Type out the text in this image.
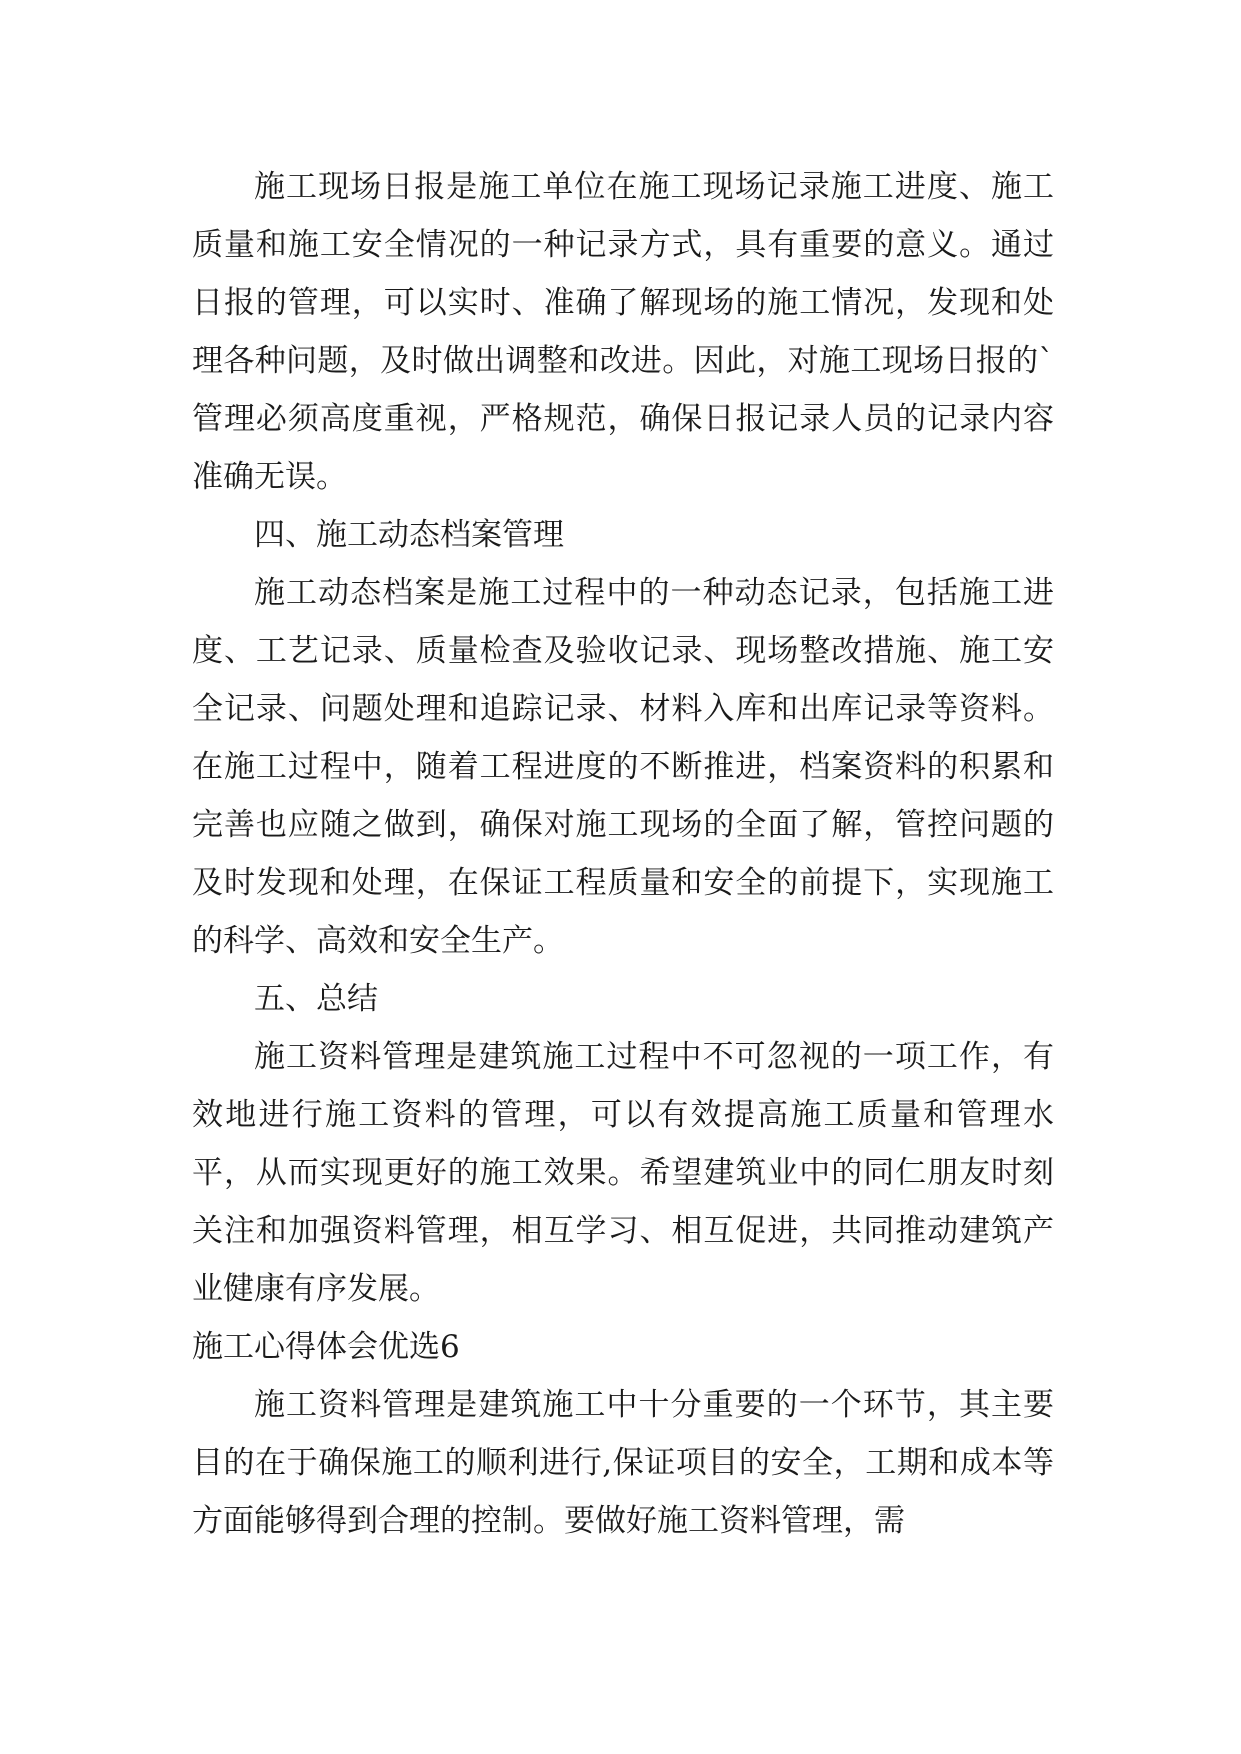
施工现场日报是施工单位在施工现场记录施工进度、施工质量和施工安全情况的一种记录方式，具有重要的意义。通过日报的管理，可以实时、准确了解现场的施工情况，发现和处理各种问题，及时做出调整和改进。因此，对施工现场日报的`管理必须高度重视，严格规范，确保日报记录人员的记录内容准确无误。

四、施工动态档案管理

施工动态档案是施工过程中的一种动态记录，包括施工进度、工艺记录、质量检查及验收记录、现场整改措施、施工安全记录、问题处理和追踪记录、材料入库和出库记录等资料。在施工过程中，随着工程进度的不断推进，档案资料的积累和完善也应随之做到，确保对施工现场的全面了解，管控问题的及时发现和处理，在保证工程质量和安全的前提下，实现施工的科学、高效和安全生产。

五、总结

施工资料管理是建筑施工过程中不可忽视的一项工作，有效地进行施工资料的管理，可以有效提高施工质量和管理水平，从而实现更好的施工效果。希望建筑业中的同仁朋友时刻关注和加强资料管理，相互学习、相互促进，共同推动建筑产业健康有序发展。

施工心得体会优选6

施工资料管理是建筑施工中十分重要的一个环节，其主要目的在于确保施工的顺利进行,保证项目的安全，工期和成本等方面能够得到合理的控制。要做好施工资料管理，需
